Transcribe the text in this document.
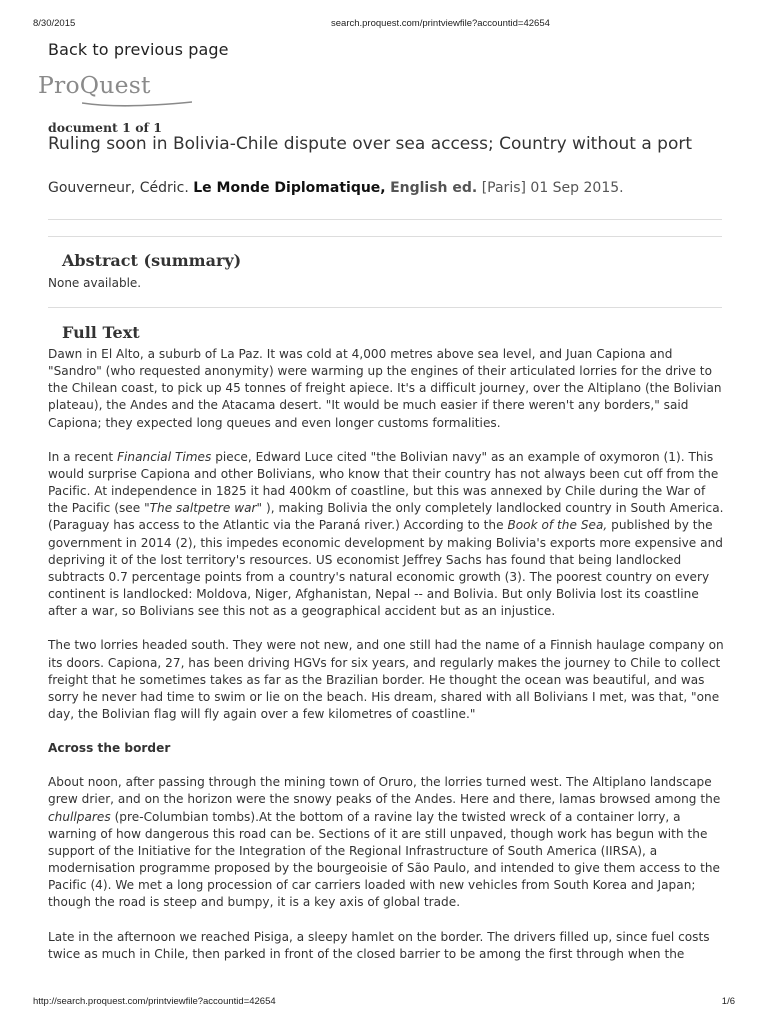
8/30/2015	search.proquest.com/printviewfile?accountid=42654
Back to previous page
ProQuest
document 1 of 1
Ruling soon in Bolivia-Chile dispute over sea access; Country without a port
Gouverneur, Cédric. Le Monde Diplomatique, English ed. [Paris] 01 Sep 2015.
Abstract (summary)
None available.
Full Text

Dawn in El Alto, a suburb of La Paz. It was cold at 4,000 metres above sea level, and Juan Capiona and "Sandro" (who requested anonymity) were warming up the engines of their articulated lorries for the drive to the Chilean coast, to pick up 45 tonnes of freight apiece. It's a difficult journey, over the Altiplano (the Bolivian plateau), the Andes and the Atacama desert. "It would be much easier if there weren't any borders," said Capiona; they expected long queues and even longer customs formalities.

In a recent Financial Times piece, Edward Luce cited "the Bolivian navy" as an example of oxymoron (1). This would surprise Capiona and other Bolivians, who know that their country has not always been cut off from the Pacific. At independence in 1825 it had 400km of coastline, but this was annexed by Chile during the War of the Pacific (see "The saltpetre war" ), making Bolivia the only completely landlocked country in South America. (Paraguay has access to the Atlantic via the Paraná river.) According to the Book of the Sea, published by the government in 2014 (2), this impedes economic development by making Bolivia's exports more expensive and depriving it of the lost territory's resources. US economist Jeffrey Sachs has found that being landlocked subtracts 0.7 percentage points from a country's natural economic growth (3). The poorest country on every continent is landlocked: Moldova, Niger, Afghanistan, Nepal -- and Bolivia. But only Bolivia lost its coastline after a war, so Bolivians see this not as a geographical accident but as an injustice.

The two lorries headed south. They were not new, and one still had the name of a Finnish haulage company on its doors. Capiona, 27, has been driving HGVs for six years, and regularly makes the journey to Chile to collect freight that he sometimes takes as far as the Brazilian border. He thought the ocean was beautiful, and was sorry he never had time to swim or lie on the beach. His dream, shared with all Bolivians I met, was that, "one day, the Bolivian flag will fly again over a few kilometres of coastline."

Across the border

About noon, after passing through the mining town of Oruro, the lorries turned west. The Altiplano landscape grew drier, and on the horizon were the snowy peaks of the Andes. Here and there, lamas browsed among the chullpares (pre-Columbian tombs).At the bottom of a ravine lay the twisted wreck of a container lorry, a warning of how dangerous this road can be. Sections of it are still unpaved, though work has begun with the support of the Initiative for the Integration of the Regional Infrastructure of South America (IIRSA), a modernisation programme proposed by the bourgeoisie of São Paulo, and intended to give them access to the Pacific (4). We met a long procession of car carriers loaded with new vehicles from South Korea and Japan; though the road is steep and bumpy, it is a key axis of global trade.

Late in the afternoon we reached Pisiga, a sleepy hamlet on the border. The drivers filled up, since fuel costs twice as much in Chile, then parked in front of the closed barrier to be among the first through when the

http://search.proquest.com/printviewfile?accountid=42654	1/6
